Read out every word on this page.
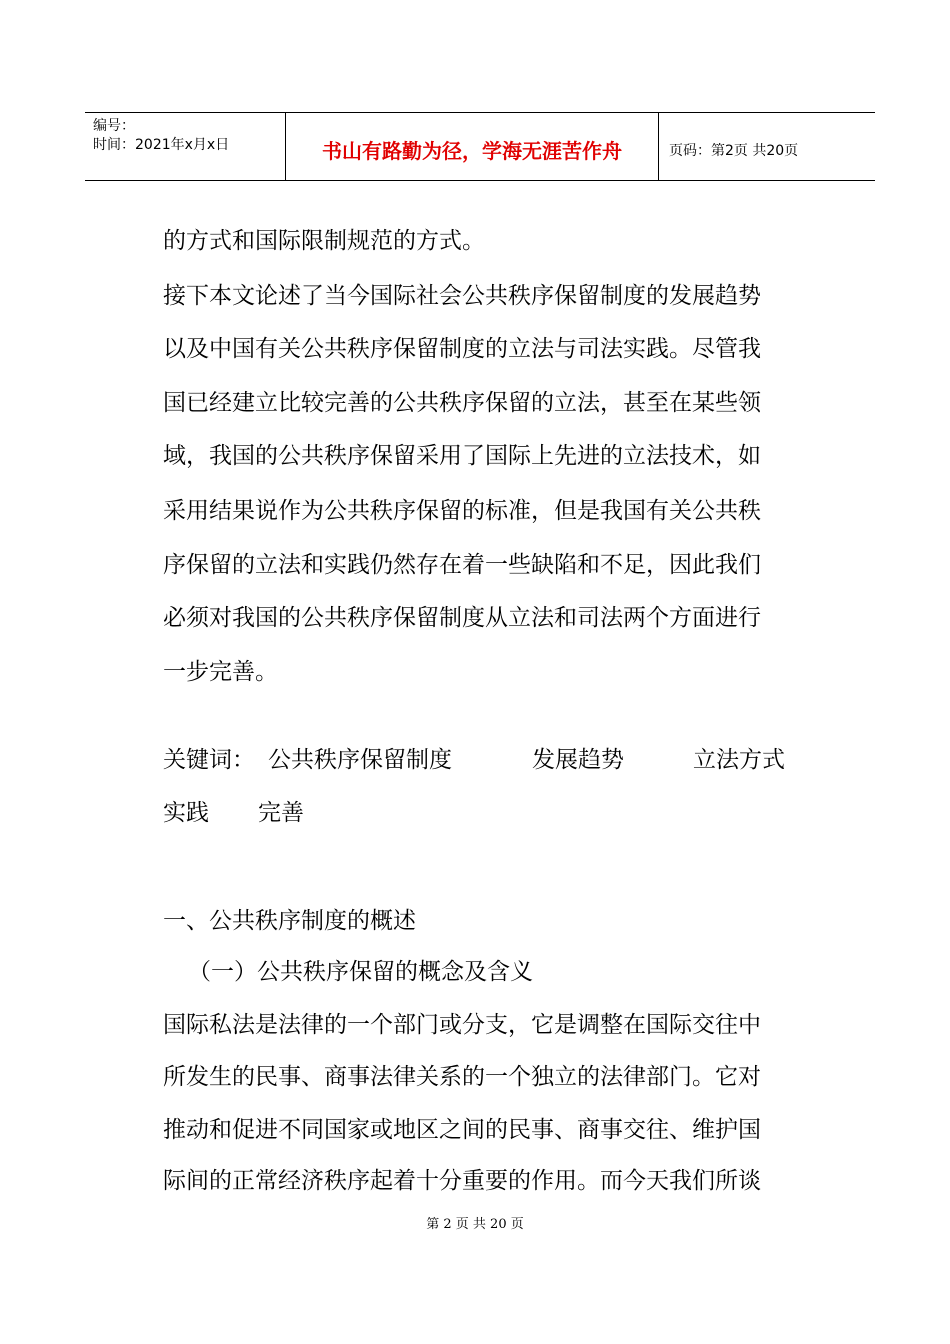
编号：
时间：2021年x月x日	书山有路勤为径，学海无涯苦作舟	页码：第2页 共20页
的方式和国际限制规范的方式。
接下本文论述了当今国际社会公共秩序保留制度的发展趋势
以及中国有关公共秩序保留制度的立法与司法实践。尽管我
国已经建立比较完善的公共秩序保留的立法，甚至在某些领
域，我国的公共秩序保留采用了国际上先进的立法技术，如
采用结果说作为公共秩序保留的标准，但是我国有关公共秩
序保留的立法和实践仍然存在着一些缺陷和不足，因此我们
必须对我国的公共秩序保留制度从立法和司法两个方面进行
一步完善。
关键词： 公共秩序保留制度	发展趋势	立法方式
实践 完善
一、公共秩序制度的概述
（一）公共秩序保留的概念及含义
国际私法是法律的一个部门或分支，它是调整在国际交往中
所发生的民事、商事法律关系的一个独立的法律部门。它对
推动和促进不同国家或地区之间的民事、商事交往、维护国
际间的正常经济秩序起着十分重要的作用。而今天我们所谈
第 2 页 共 20 页
